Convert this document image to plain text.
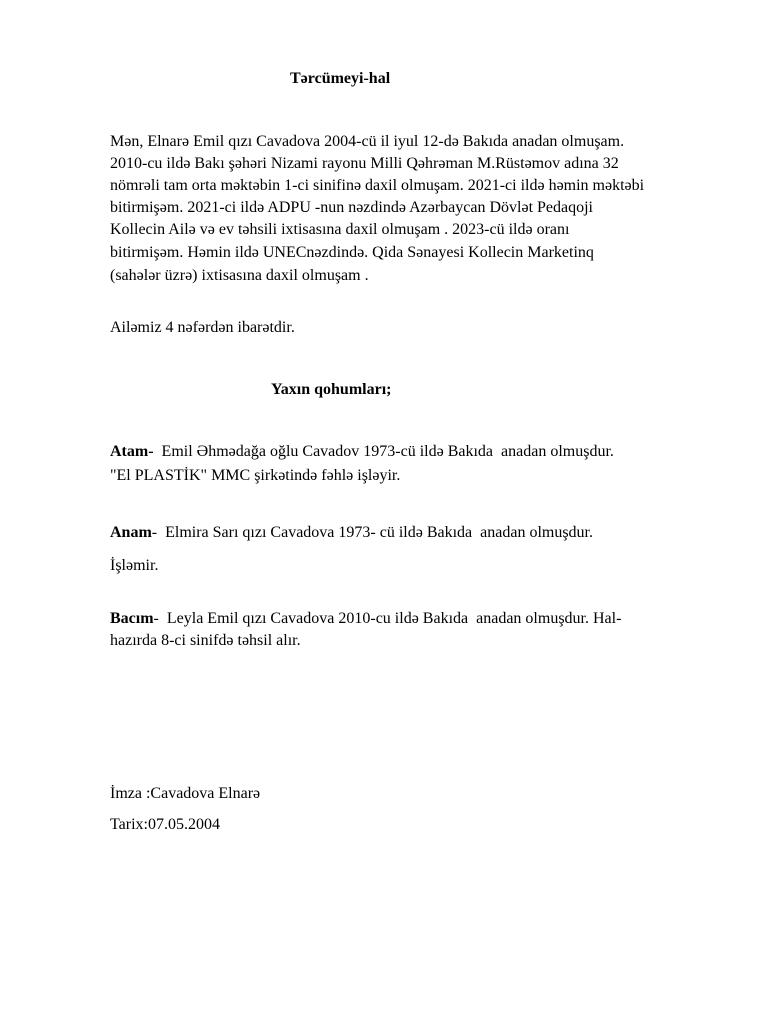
Tərcümeyi-hal
Mən, Elnarə Emil qızı Cavadova 2004-cü il iyul 12-də Bakıda anadan olmuşam.
2010-cu ildə Bakı şəhəri Nizami rayonu Milli Qəhrəman M.Rüstəmov adına 32
nömrəli tam orta məktəbin 1-ci sinifinə daxil olmuşam. 2021-ci ildə həmin məktəbi
bitirmişəm. 2021-ci ildə ADPU -nun nəzdində Azərbaycan Dövlət Pedaqoji
Kollecin Ailə və ev təhsili ixtisasına daxil olmuşam . 2023-cü ildə oranı
bitirmişəm. Həmin ildə UNECnəzdində. Qida Sənayesi Kollecin Marketinq
(sahələr üzrə) ixtisasına daxil olmuşam .
Ailəmiz 4 nəfərdən ibarətdir.
Yaxın qohumları;
Atam-  Emil Əhmədağa oğlu Cavadov 1973-cü ildə Bakıda  anadan olmuşdur.
"El PLASTİK" MMC şirkətində fəhlə işləyir.
Anam-  Elmira Sarı qızı Cavadova 1973- cü ildə Bakıda  anadan olmuşdur.
İşləmir.
Bacım-  Leyla Emil qızı Cavadova 2010-cu ildə Bakıda  anadan olmuşdur. Hal-
hazırda 8-ci sinifdə təhsil alır.
İmza :Cavadova Elnarə
Tarix:07.05.2004
